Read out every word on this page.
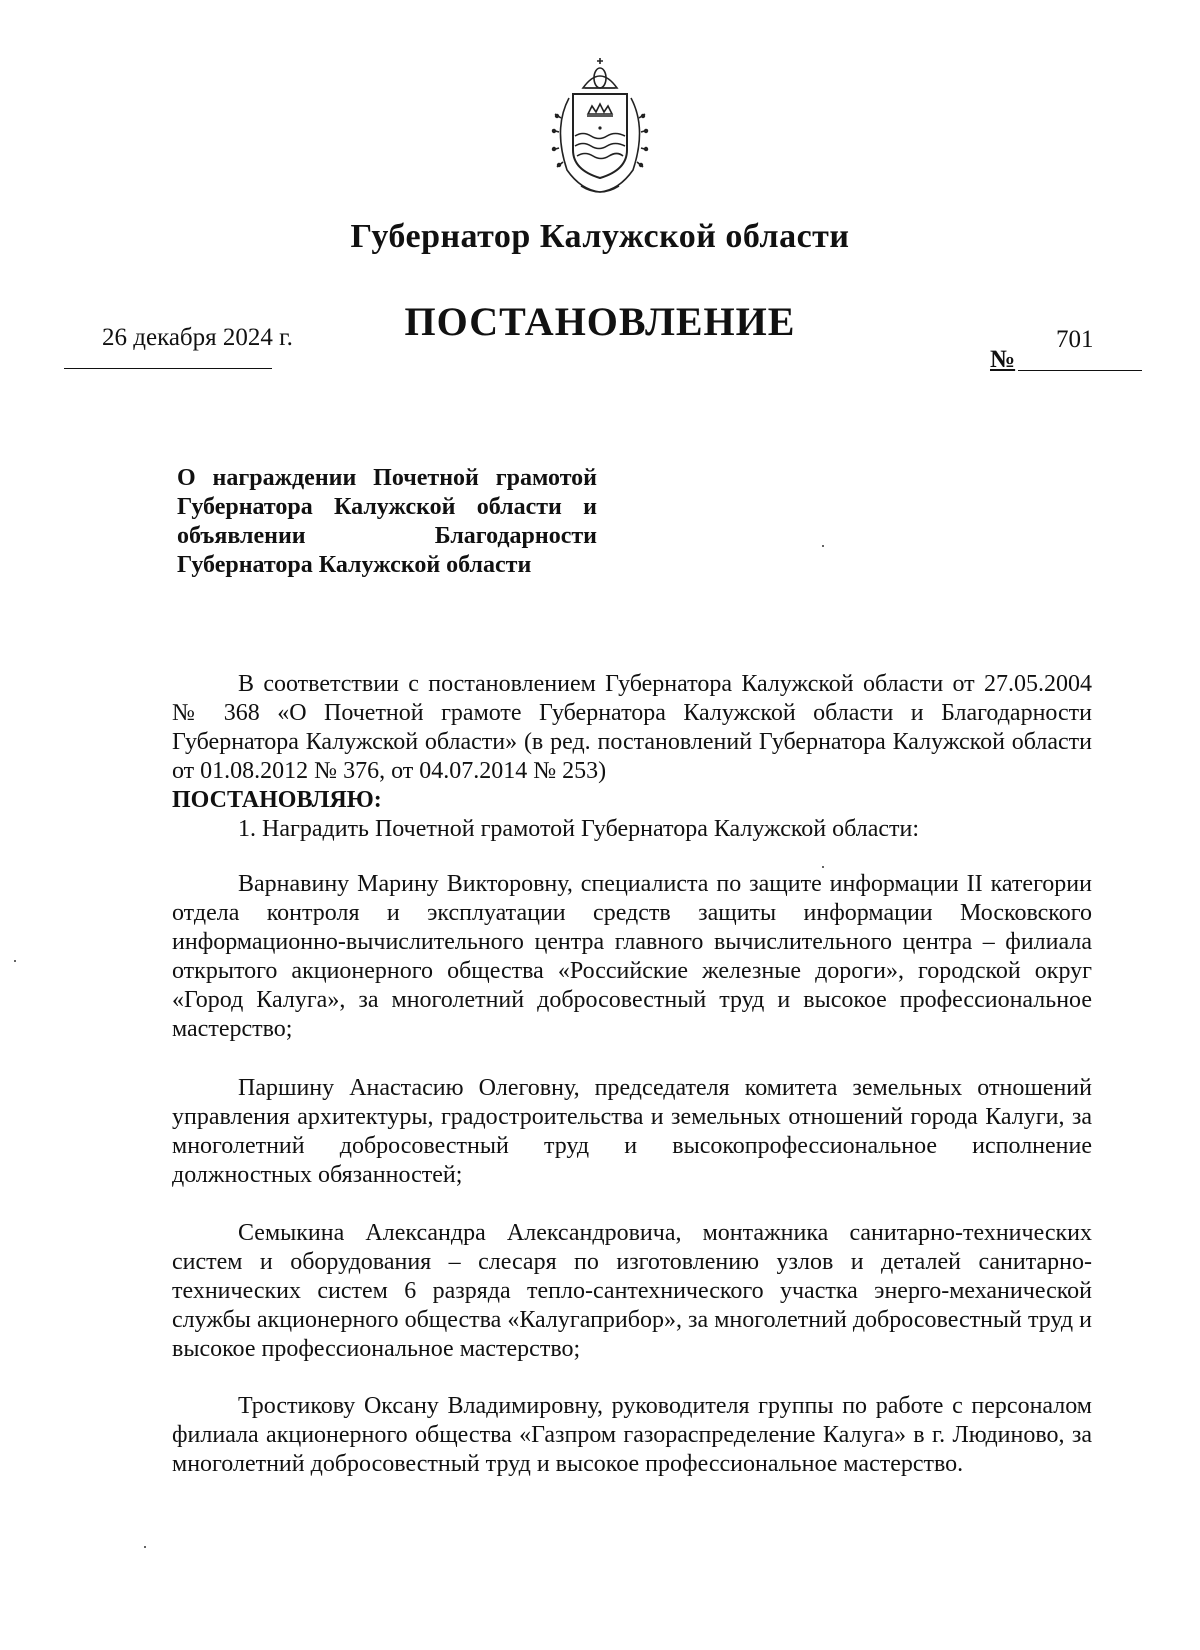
Губернатор Калужской области
ПОСТАНОВЛЕНИЕ
26 декабря 2024 г.
№
701
О награждении Почетной грамотой Губернатора Калужской области и объявлении Благодарности Губернатора Калужской области
В соответствии с постановлением Губернатора Калужской области от 27.05.2004 № 368 «О Почетной грамоте Губернатора Калужской области и Благодарности Губернатора Калужской области» (в ред. постановлений Губернатора Калужской области от 01.08.2012 № 376, от 04.07.2014 № 253)
ПОСТАНОВЛЯЮ:
1. Наградить Почетной грамотой Губернатора Калужской области:
Варнавину Марину Викторовну, специалиста по защите информации II категории отдела контроля и эксплуатации средств защиты информации Московского информационно-вычислительного центра главного вычислительного центра – филиала открытого акционерного общества «Российские железные дороги», городской округ «Город Калуга», за многолетний добросовестный труд и высокое профессиональное мастерство;
Паршину Анастасию Олеговну, председателя комитета земельных отношений управления архитектуры, градостроительства и земельных отношений города Калуги, за многолетний добросовестный труд и высокопрофессиональное исполнение должностных обязанностей;
Семыкина Александра Александровича, монтажника санитарно-технических систем и оборудования – слесаря по изготовлению узлов и деталей санитарно-технических систем 6 разряда тепло-сантехнического участка энерго-механической службы акционерного общества «Калугаприбор», за многолетний добросовестный труд и высокое профессиональное мастерство;
Тростикову Оксану Владимировну, руководителя группы по работе с персоналом филиала акционерного общества «Газпром газораспределение Калуга» в г. Людиново, за многолетний добросовестный труд и высокое профессиональное мастерство.
